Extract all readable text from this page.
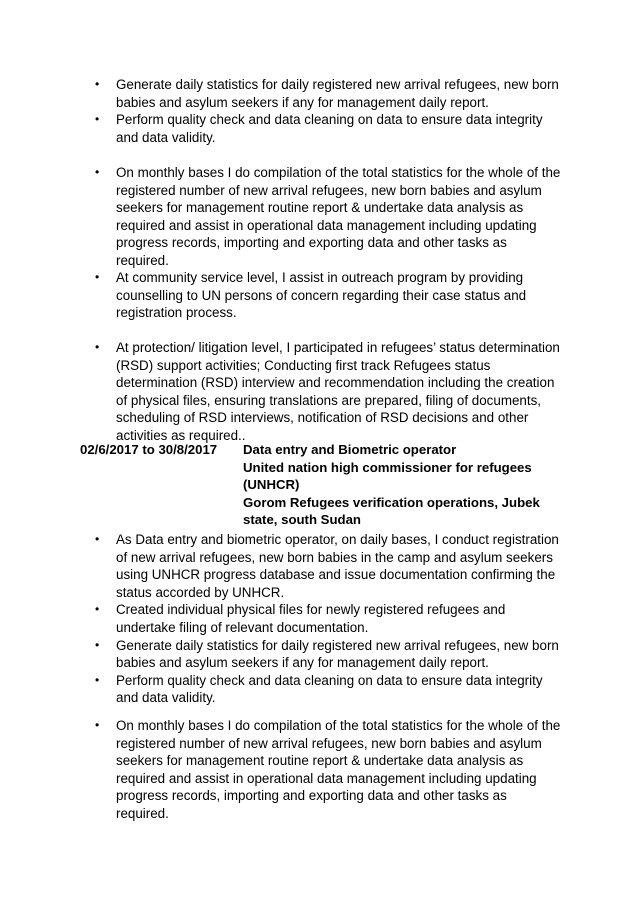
• Generate daily statistics for daily registered new arrival refugees, new born babies and asylum seekers if any for management daily report.
• Perform quality check and data cleaning on data to ensure data integrity and data validity.
• On monthly bases I do compilation of the total statistics for the whole of the registered number of new arrival refugees, new born babies and asylum seekers for management routine report & undertake data analysis as required and assist in operational data management including updating progress records, importing and exporting data and other tasks as required.
• At community service level, I assist in outreach program by providing counselling to UN persons of concern regarding their case status and registration process.
• At protection/ litigation level, I participated in refugees’ status determination (RSD) support activities; Conducting first track Refugees status determination (RSD) interview and recommendation including the creation of physical files, ensuring translations are prepared, filing of documents, scheduling of RSD interviews, notification of RSD decisions and other activities as required..
02/6/2017 to 30/8/2017 Data entry and Biometric operator
United nation high commissioner for refugees
(UNHCR)
Gorom Refugees verification operations, Jubek
state, south Sudan
• As Data entry and biometric operator, on daily bases, I conduct registration of new arrival refugees, new born babies in the camp and asylum seekers using UNHCR progress database and issue documentation confirming the status accorded by UNHCR.
• Created individual physical files for newly registered refugees and undertake filing of relevant documentation.
• Generate daily statistics for daily registered new arrival refugees, new born babies and asylum seekers if any for management daily report.
• Perform quality check and data cleaning on data to ensure data integrity and data validity.
• On monthly bases I do compilation of the total statistics for the whole of the registered number of new arrival refugees, new born babies and asylum seekers for management routine report & undertake data analysis as required and assist in operational data management including updating progress records, importing and exporting data and other tasks as required.
